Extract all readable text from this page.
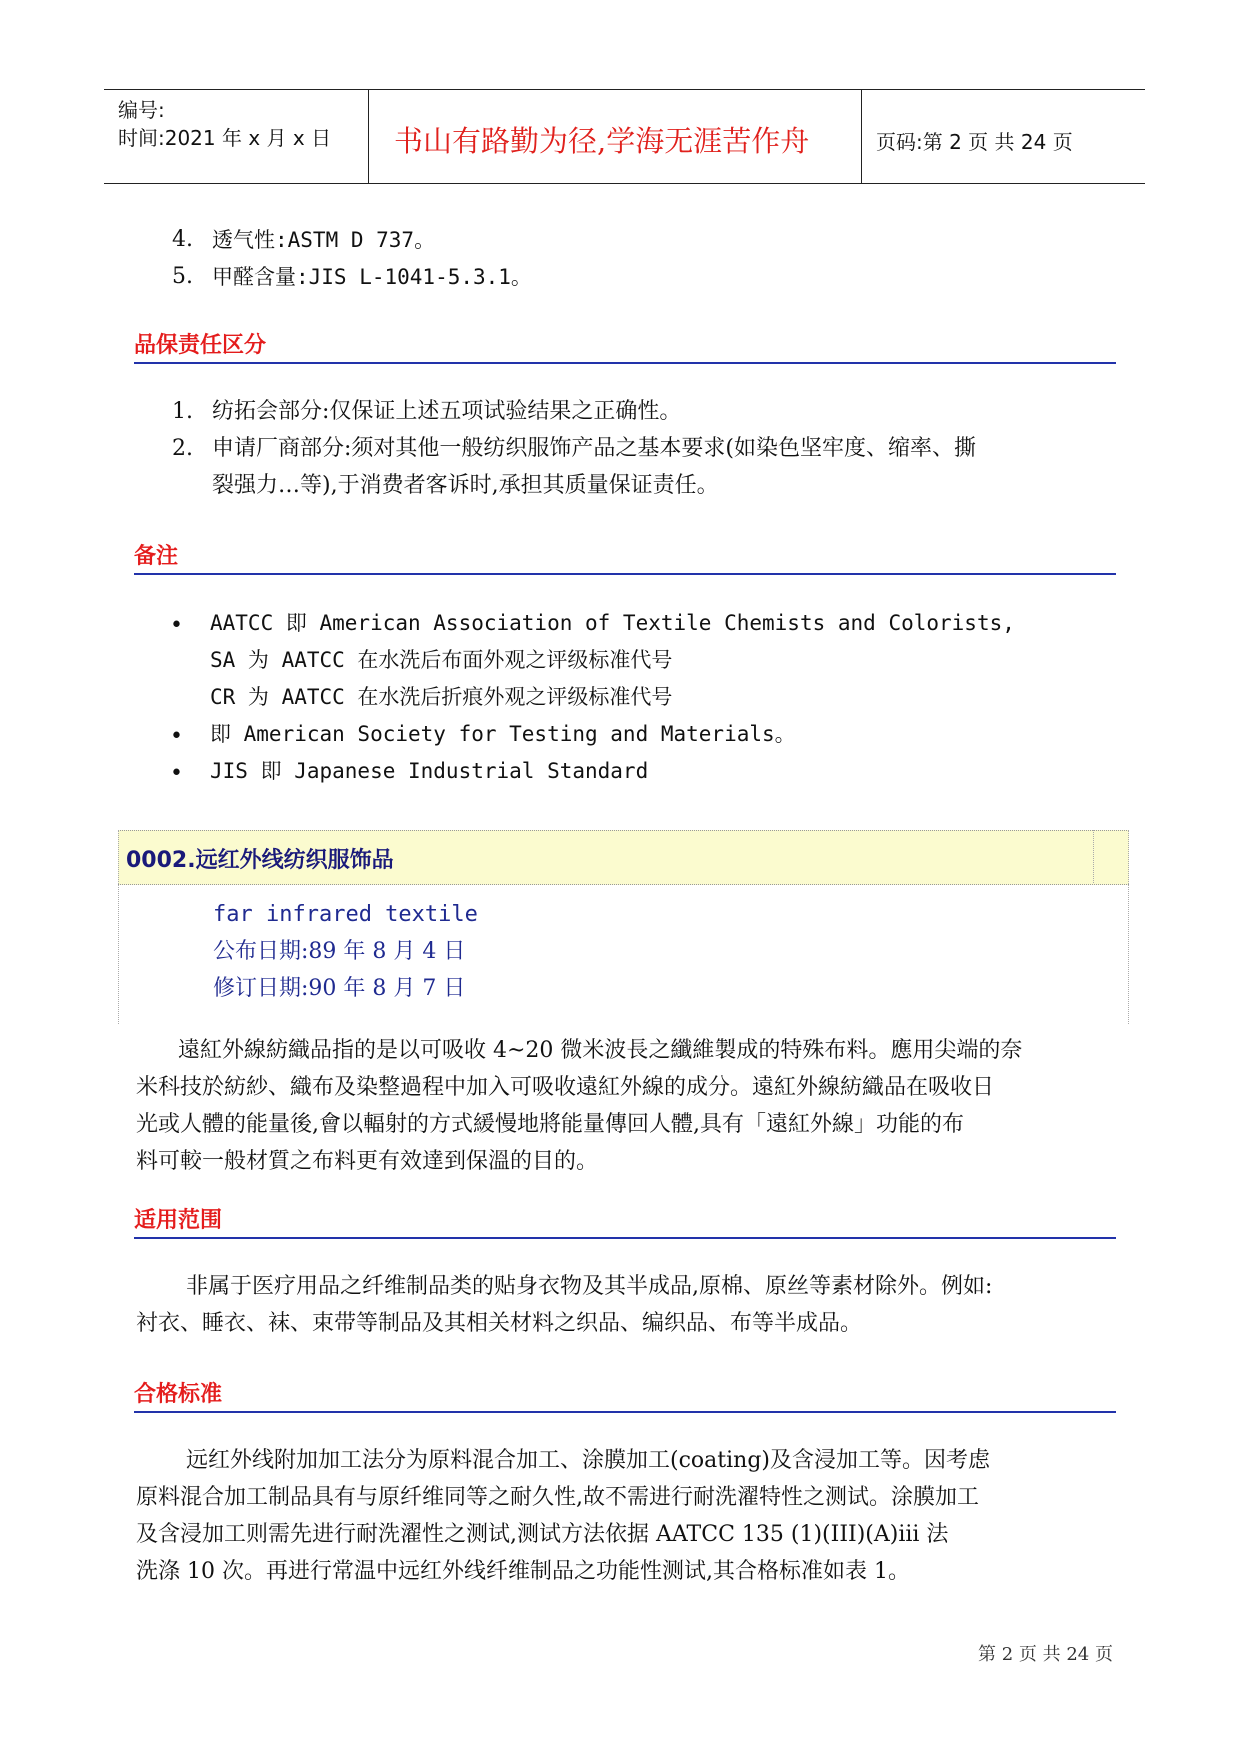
编号:
时间:2021 年 x 月 x 日 书山有路勤为径,学海无涯苦作舟	页码:第 2 页 共 24 页
4. 透气性:ASTM D 737。
5. 甲醛含量:JIS L-1041-5.3.1。
品保责任区分
1. 纺拓会部分:仅保证上述五项试验结果之正确性。
2. 申请厂商部分:须对其他一般纺织服饰产品之基本要求(如染色坚牢度、缩率、撕
裂强力…等),于消费者客诉时,承担其质量保证责任。
备注
• AATCC 即 American Association of Textile Chemists and Colorists,
SA 为 AATCC 在水洗后布面外观之评级标准代号
CR 为 AATCC 在水洗后折痕外观之评级标准代号
• 即 American Society for Testing and Materials。
• JIS 即 Japanese Industrial Standard
0002.远红外线纺织服饰品
far infrared textile
公布日期:89 年 8 月 4 日
修订日期:90 年 8 月 7 日
遠紅外線紡織品指的是以可吸收 4~20 微米波長之纖維製成的特殊布料。應用尖端的奈
米科技於紡紗、織布及染整過程中加入可吸收遠紅外線的成分。遠紅外線紡織品在吸收日
光或人體的能量後,會以輻射的方式緩慢地將能量傳回人體,具有「遠紅外線」功能的布
料可較一般材質之布料更有效達到保溫的目的。
适用范围
非属于医疗用品之纤维制品类的贴身衣物及其半成品,原棉、原丝等素材除外。例如:
衬衣、睡衣、袜、束带等制品及其相关材料之织品、编织品、布等半成品。
合格标准
远红外线附加加工法分为原料混合加工、涂膜加工(coating)及含浸加工等。因考虑
原料混合加工制品具有与原纤维同等之耐久性,故不需进行耐洗濯特性之测试。涂膜加工
及含浸加工则需先进行耐洗濯性之测试,测试方法依据 AATCC 135 (1)(III)(A)iii 法
洗涤 10 次。再进行常温中远红外线纤维制品之功能性测试,其合格标准如表 1。
第 2 页 共 24 页
